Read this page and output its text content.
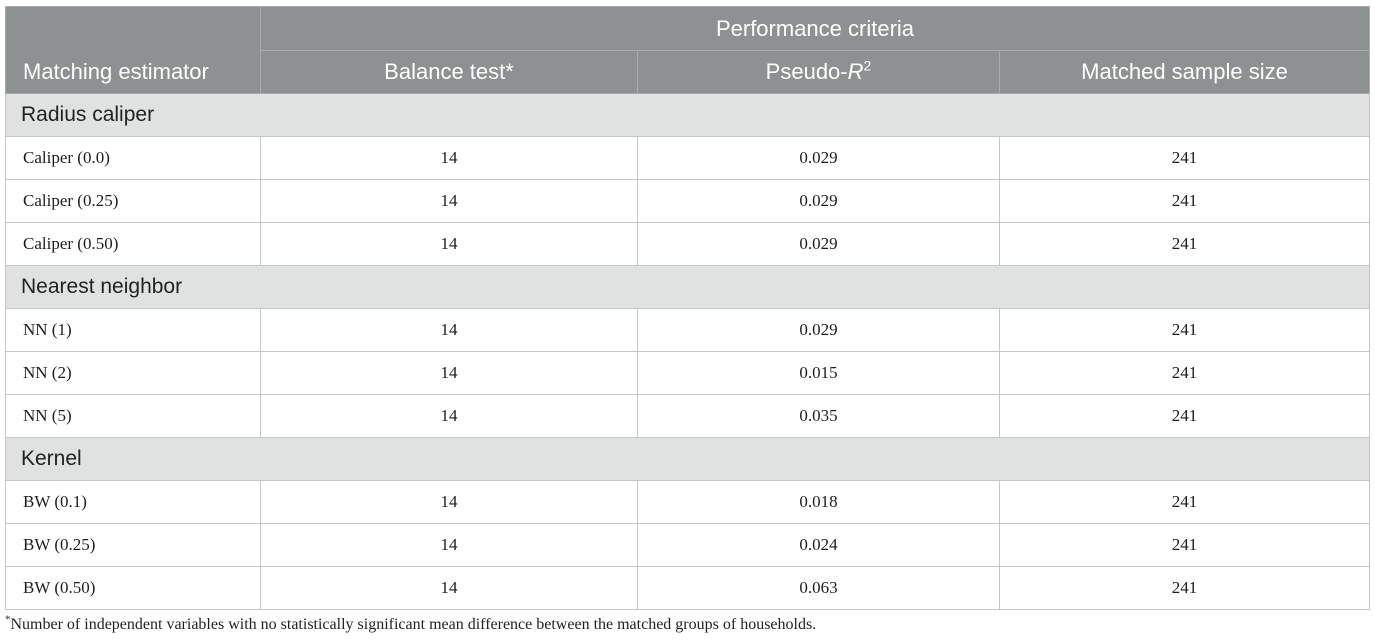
Matching estimator	Performance criteria		
	Balance test*	Pseudo-$R^2$	Matched sample size
Radius caliper			
Caliper (0.0)	14	0.029	241
Caliper (0.25)	14	0.029	241
Caliper (0.50)	14	0.029	241
Nearest neighbor			
NN (1)	14	0.029	241
NN (2)	14	0.015	241
NN (5)	14	0.035	241
Kernel			
BW (0.1)	14	0.018	241
BW (0.25)	14	0.024	241
BW (0.50)	14	0.063	241
*Number of independent variables with no statistically significant mean difference between the matched groups of households.
